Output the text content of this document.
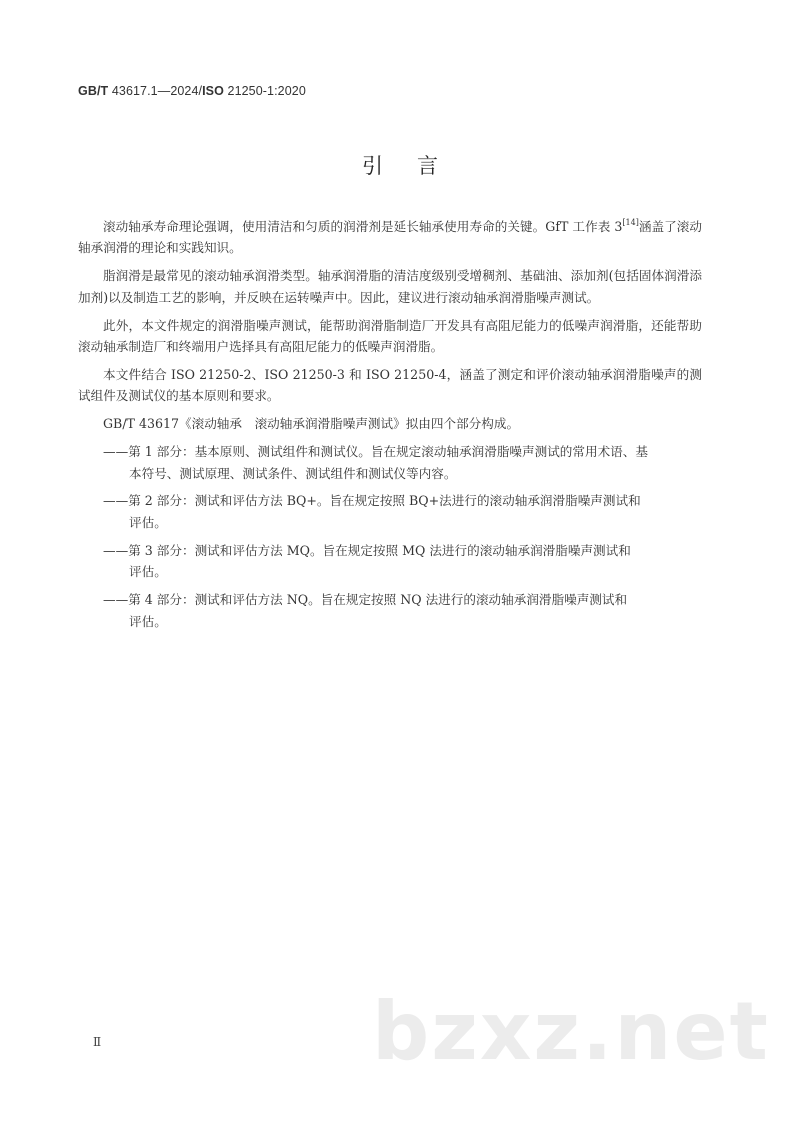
GB/T 43617.1—2024/ISO 21250-1:2020
引言

滚动轴承寿命理论强调，使用清洁和匀质的润滑剂是延长轴承使用寿命的关键。GfT 工作表 3[14]涵盖了滚动轴承润滑的理论和实践知识。

脂润滑是最常见的滚动轴承润滑类型。轴承润滑脂的清洁度级别受增稠剂、基础油、添加剂(包括固体润滑添加剂)以及制造工艺的影响，并反映在运转噪声中。因此，建议进行滚动轴承润滑脂噪声测试。

此外，本文件规定的润滑脂噪声测试，能帮助润滑脂制造厂开发具有高阻尼能力的低噪声润滑脂，还能帮助滚动轴承制造厂和终端用户选择具有高阻尼能力的低噪声润滑脂。

本文件结合 ISO 21250-2、ISO 21250-3 和 ISO 21250-4，涵盖了测定和评价滚动轴承润滑脂噪声的测试组件及测试仪的基本原则和要求。

GB/T 43617《滚动轴承　滚动轴承润滑脂噪声测试》拟由四个部分构成。

——第 1 部分：基本原则、测试组件和测试仪。旨在规定滚动轴承润滑脂噪声测试的常用术语、基
本符号、测试原理、测试条件、测试组件和测试仪等内容。
——第 2 部分：测试和评估方法 BQ+。旨在规定按照 BQ+法进行的滚动轴承润滑脂噪声测试和
评估。
——第 3 部分：测试和评估方法 MQ。旨在规定按照 MQ 法进行的滚动轴承润滑脂噪声测试和
评估。
——第 4 部分：测试和评估方法 NQ。旨在规定按照 NQ 法进行的滚动轴承润滑脂噪声测试和
评估。
bzxz.net
Ⅱ
